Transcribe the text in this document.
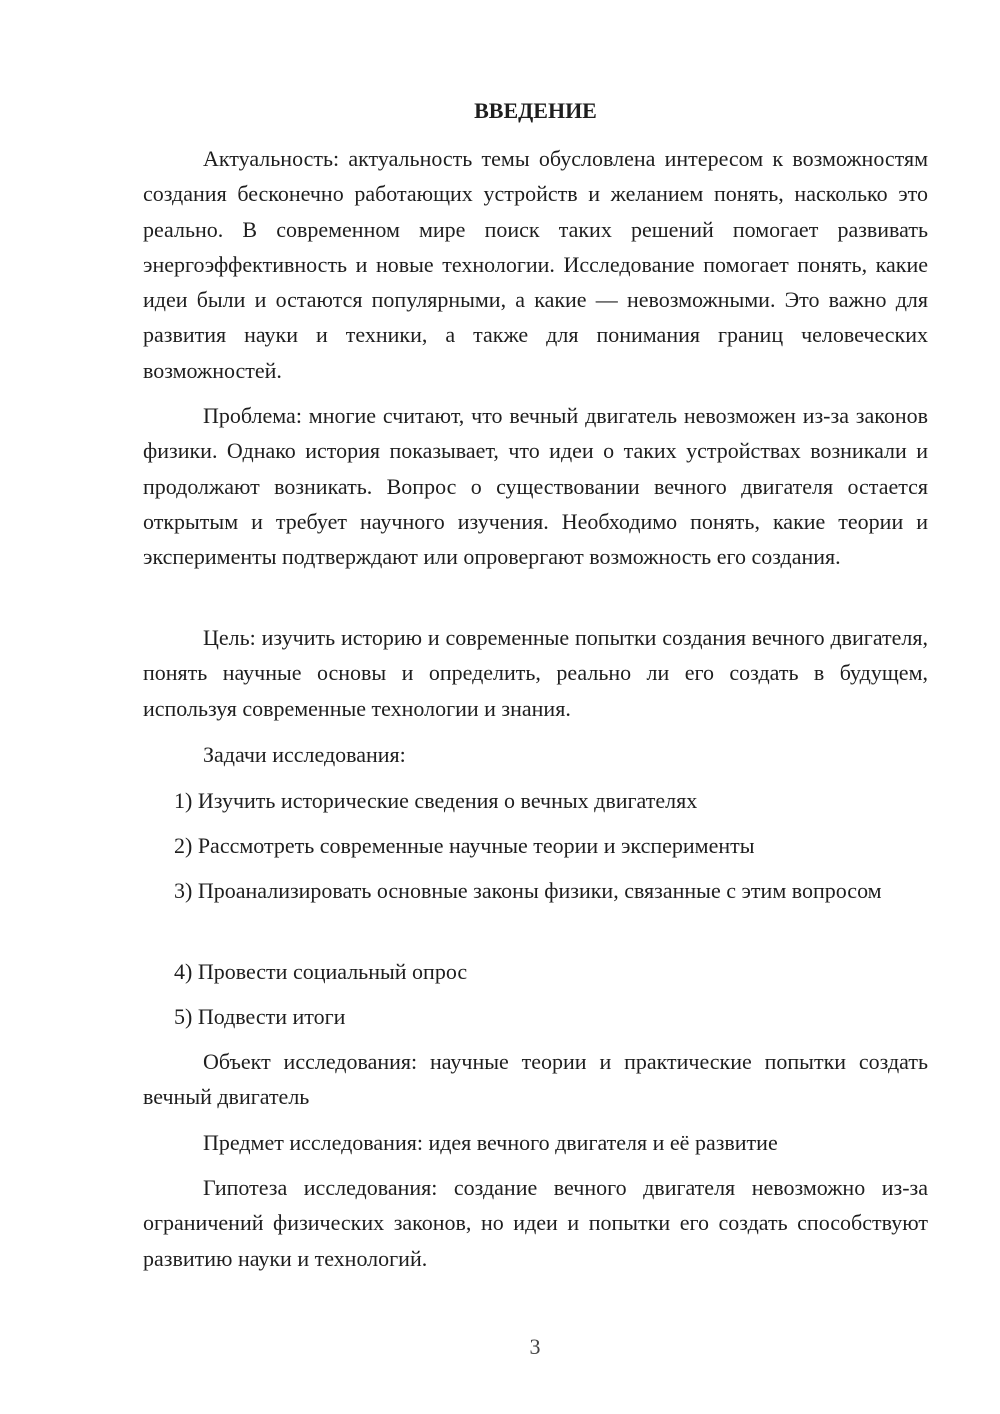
ВВЕДЕНИЕ

Актуальность: актуальность темы обусловлена интересом к возможностям создания бесконечно работающих устройств и желанием понять, насколько это реально. В современном мире поиск таких решений помогает развивать энергоэффективность и новые технологии. Исследование помогает понять, какие идеи были и остаются популярными, а какие — невозможными. Это важно для развития науки и техники, а также для понимания границ человеческих возможностей.

Проблема: многие считают, что вечный двигатель невозможен из-за законов физики. Однако история показывает, что идеи о таких устройствах возникали и продолжают возникать. Вопрос о существовании вечного двигателя остается открытым и требует научного изучения. Необходимо понять, какие теории и эксперименты подтверждают или опровергают возможность его создания.

Цель: изучить историю и современные попытки создания вечного двигателя, понять научные основы и определить, реально ли его создать в будущем, используя современные технологии и знания.

Задачи исследования:

1) Изучить исторические сведения о вечных двигателях

2) Рассмотреть современные научные теории и эксперименты

3) Проанализировать основные законы физики, связанные с этим вопросом

4) Провести социальный опрос

5) Подвести итоги

Объект исследования: научные теории и практические попытки создать вечный двигатель

Предмет исследования: идея вечного двигателя и её развитие

Гипотеза исследования: создание вечного двигателя невозможно из-за ограничений физических законов, но идеи и попытки его создать способствуют развитию науки и технологий.

3
